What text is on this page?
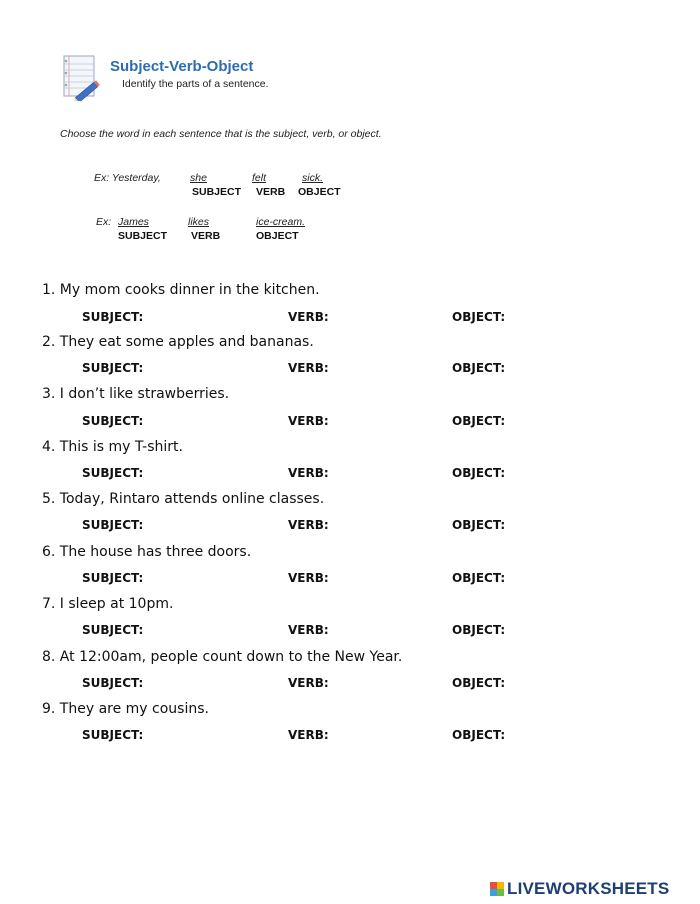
Subject-Verb-Object
Identify the parts of a sentence.
Choose the word in each sentence that is the subject, verb, or object.
Ex: Yesterday,	she	felt	sick.
SUBJECT VERB OBJECT
Ex: James	likes	ice-cream.
SUBJECT VERB	OBJECT
1. My mom cooks dinner in the kitchen.
SUBJECT:	VERB:	OBJECT:
2. They eat some apples and bananas.
SUBJECT:	VERB:	OBJECT:
3. I don’t like strawberries.
SUBJECT:	VERB:	OBJECT:
4. This is my T-shirt.
SUBJECT:	VERB:	OBJECT:
5. Today, Rintaro attends online classes.
SUBJECT:	VERB:	OBJECT:
6. The house has three doors.
SUBJECT:	VERB:	OBJECT:
7. I sleep at 10pm.
SUBJECT:	VERB:	OBJECT:
8. At 12:00am, people count down to the New Year.
SUBJECT:	VERB:	OBJECT:
9. They are my cousins.
SUBJECT:	VERB:	OBJECT:
LIVEWORKSHEETS
